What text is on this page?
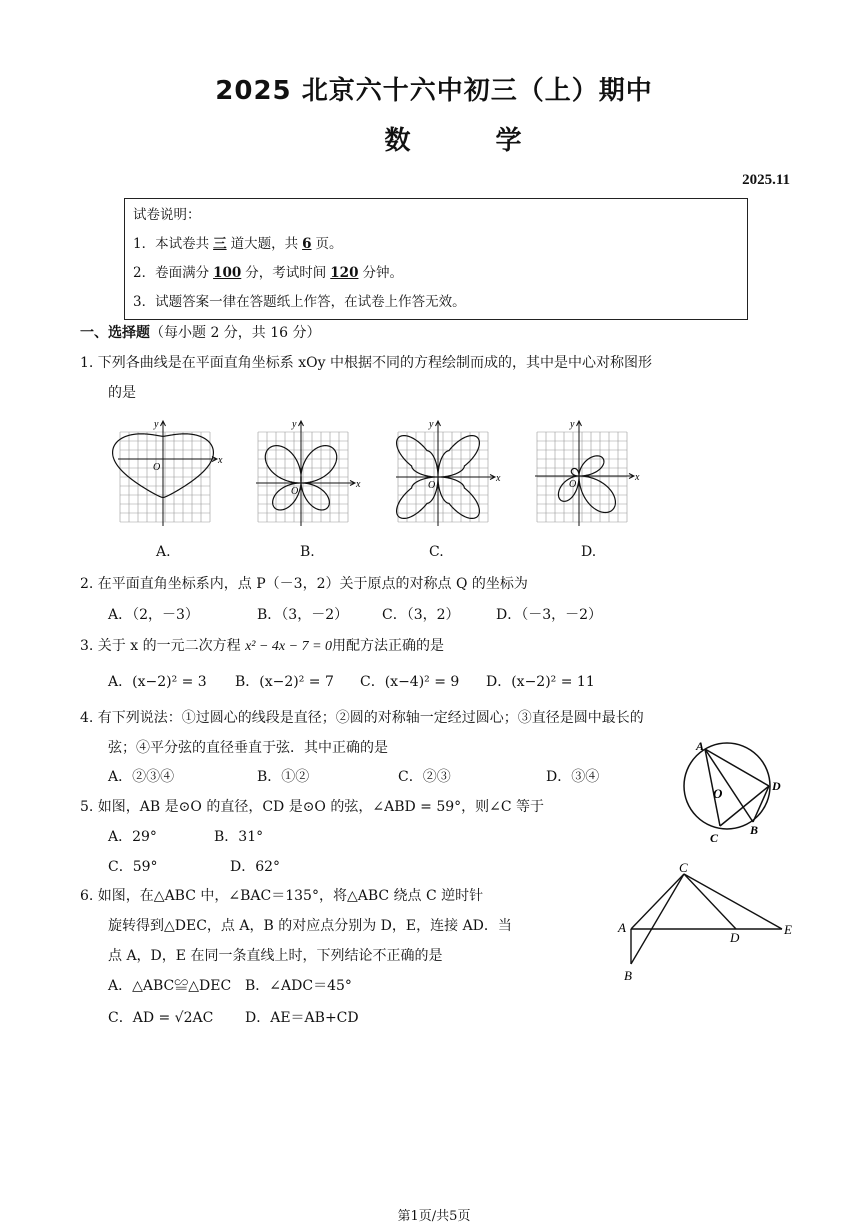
2025 北京六十六中初三（上）期中
数 学
2025.11
试卷说明：
1．本试卷共 三 道大题，共 6 页。
2．卷面满分 100 分，考试时间 120 分钟。
3．试题答案一律在答题纸上作答，在试卷上作答无效。
一、选择题（每小题 2 分，共 16 分）
1. 下列各曲线是在平面直角坐标系 xOy 中根据不同的方程绘制而成的，其中是中心对称图形
的是
x
y
O
x
y
O
x
y
O
x
y
O
A.	B.	C.	D.
2. 在平面直角坐标系内，点 P（－3，2）关于原点的对称点 Q 的坐标为
A．（2，－3）	B．（3，－2） C．（3，2）	D．（－3，－2）
3. 关于 x 的一元二次方程 x² − 4x − 7 = 0用配方法正确的是
A．(x−2)² = 3 B．(x−2)² = 7 C．(x−4)² = 9 D．(x−2)² = 11
4. 有下列说法：①过圆心的线段是直径；②圆的对称轴一定经过圆心；③直径是圆中最长的
弦；④平分弦的直径垂直于弦．其中正确的是
A．②③④	B．①②	C．②③	D．③④
5. 如图，AB 是⊙O 的直径，CD 是⊙O 的弦，∠ABD = 59°，则∠C 等于
A．29°	B．31°
C．59°	D．62°
A
O	D
C
B
6. 如图，在△ABC 中，∠BAC＝135°，将△ABC 绕点 C 逆时针
旋转得到△DEC，点 A，B 的对应点分别为 D，E，连接 AD．当
点 A，D，E 在同一条直线上时，下列结论不正确的是
A．△ABC≌△DEC B．∠ADC＝45°
C．AD = √2AC D．AE＝AB+CD
C
A
D
E
B
第1页/共5页
